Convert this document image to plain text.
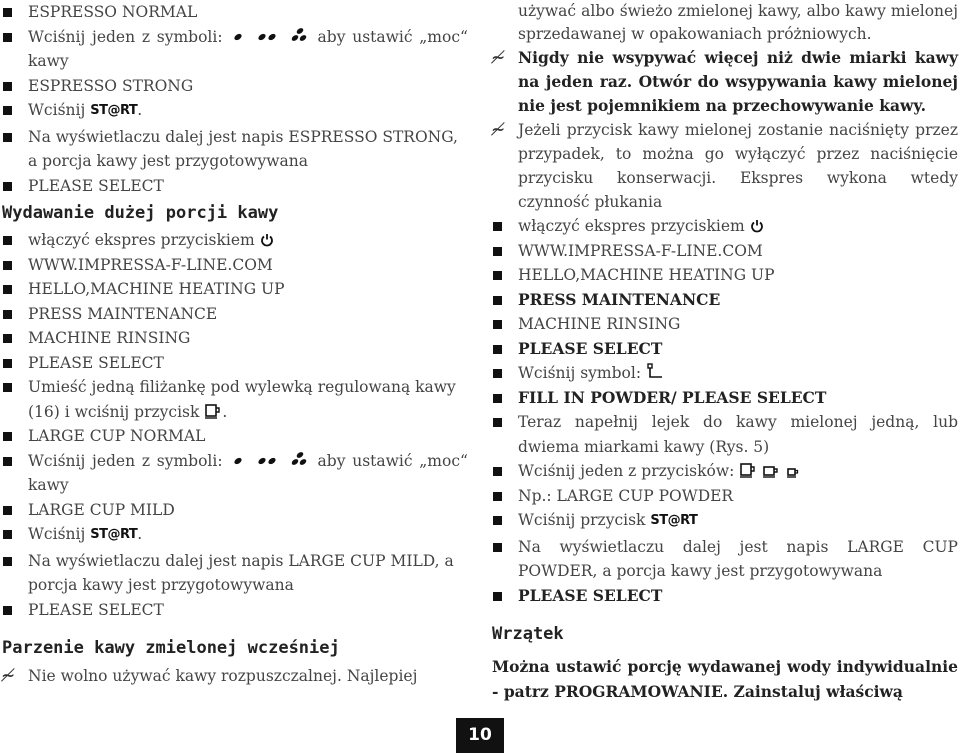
ESPRESSO NORMAL
Wciśnij jeden z symboli:	aby ustawić „moc“ kawy
ESPRESSO STRONG
Wciśnij ST@RT.
Na wyświetlaczu dalej jest napis ESPRESSO STRONG, a porcja kawy jest przygotowywana
PLEASE SELECT
Wydawanie dużej porcji kawy
włączyć ekspres przyciskiem
WWW.IMPRESSA-F-LINE.COM
HELLO,MACHINE HEATING UP
PRESS MAINTENANCE
MACHINE RINSING
PLEASE SELECT
Umieść jedną filiżankę pod wylewką regulowaną kawy (16) i wciśnij przycisk .
LARGE CUP NORMAL
Wciśnij jeden z symboli:	aby ustawić „moc“ kawy
LARGE CUP MILD
Wciśnij ST@RT.
Na wyświetlaczu dalej jest napis LARGE CUP MILD, a porcja kawy jest przygotowywana
PLEASE SELECT
Parzenie kawy zmielonej wcześniej
≁ Nie wolno używać kawy rozpuszczalnej. Najlepiej
używać albo świeżo zmielonej kawy, albo kawy mielonej sprzedawanej w opakowaniach próżniowych.
≁ Nigdy nie wsypywać więcej niż dwie miarki kawy na jeden raz. Otwór do wsypywania kawy mielonej nie jest pojemnikiem na przechowywanie kawy.
≁ Jeżeli przycisk kawy mielonej zostanie naciśnięty przez przypadek, to można go wyłączyć przez naciśnięcie przycisku konserwacji. Ekspres wykona wtedy czynność płukania
włączyć ekspres przyciskiem
WWW.IMPRESSA-F-LINE.COM
HELLO,MACHINE HEATING UP
PRESS MAINTENANCE
MACHINE RINSING
PLEASE SELECT
Wciśnij symbol:
FILL IN POWDER/ PLEASE SELECT
Teraz napełnij lejek do kawy mielonej jedną, lub dwiema miarkami kawy (Rys. 5)
Wciśnij jeden z przycisków:
Np.: LARGE CUP POWDER
Wciśnij przycisk ST@RT
Na wyświetlaczu dalej jest napis LARGE CUP POWDER, a porcja kawy jest przygotowywana
PLEASE SELECT
Wrzątek
Można ustawić porcję wydawanej wody indywidualnie - patrz PROGRAMOWANIE. Zainstaluj właściwą
10
